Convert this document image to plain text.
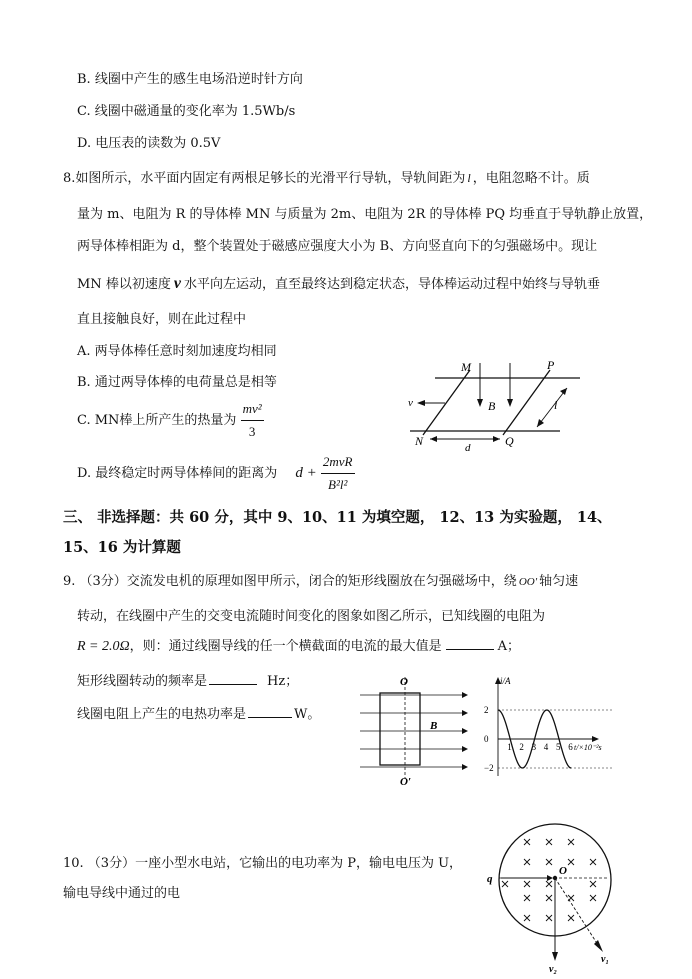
B. 线圈中产生的感生电场沿逆时针方向
C. 线圈中磁通量的变化率为 1.5Wb/s
D. 电压表的读数为 0.5V
8.如图所示，水平面内固定有两根足够长的光滑平行导轨，导轨间距为 l ，电阻忽略不计。质
量为 m、电阻为 R 的导体棒 MN 与质量为 2m、电阻为 2R 的导体棒 PQ 均垂直于导轨静止放置，
两导体棒相距为 d，整个装置处于磁感应强度大小为 B、方向竖直向下的匀强磁场中。现让
MN 棒以初速度 v 水平向左运动，直至最终达到稳定状态，导体棒运动过程中始终与导轨垂
直且接触良好，则在此过程中
A. 两导体棒任意时刻加速度均相同
B. 通过两导体棒的电荷量总是相等
C. MN棒上所产生的热量为 $\frac{\text{mv²}}{3}$
D. 最终稳定时两导体棒间的距离为 $d + \frac{\text{2mvR}}{\text{B²l²}}$
M	P
N	Q
v	B	l
d
三、 非选择题：共 60 分，其中 9、10、11 为填空题， 12、13 为实验题， 14、
15、16 为计算题
9. （3分）交流发电机的原理如图甲所示，闭合的矩形线圈放在匀强磁场中，绕 OO′ 轴匀速
转动，在线圈中产生的交变电流随时间变化的图象如图乙所示，已知线圈的电阻为
R = 2.0Ω，则：通过线圈导线的任一个横截面的电流的最大值是	A；
矩形线圈转动的频率是	Hz；
线圈电阻上产生的电热功率是	W。
O
O′
B
i/A
t/×10⁻²s
2
0
−2
1 2 3 4 5 6
10. （3分）一座小型水电站，它输出的电功率为 P，输电电压为 U，
输电导线中通过的电
q
O
v₁
v₂
